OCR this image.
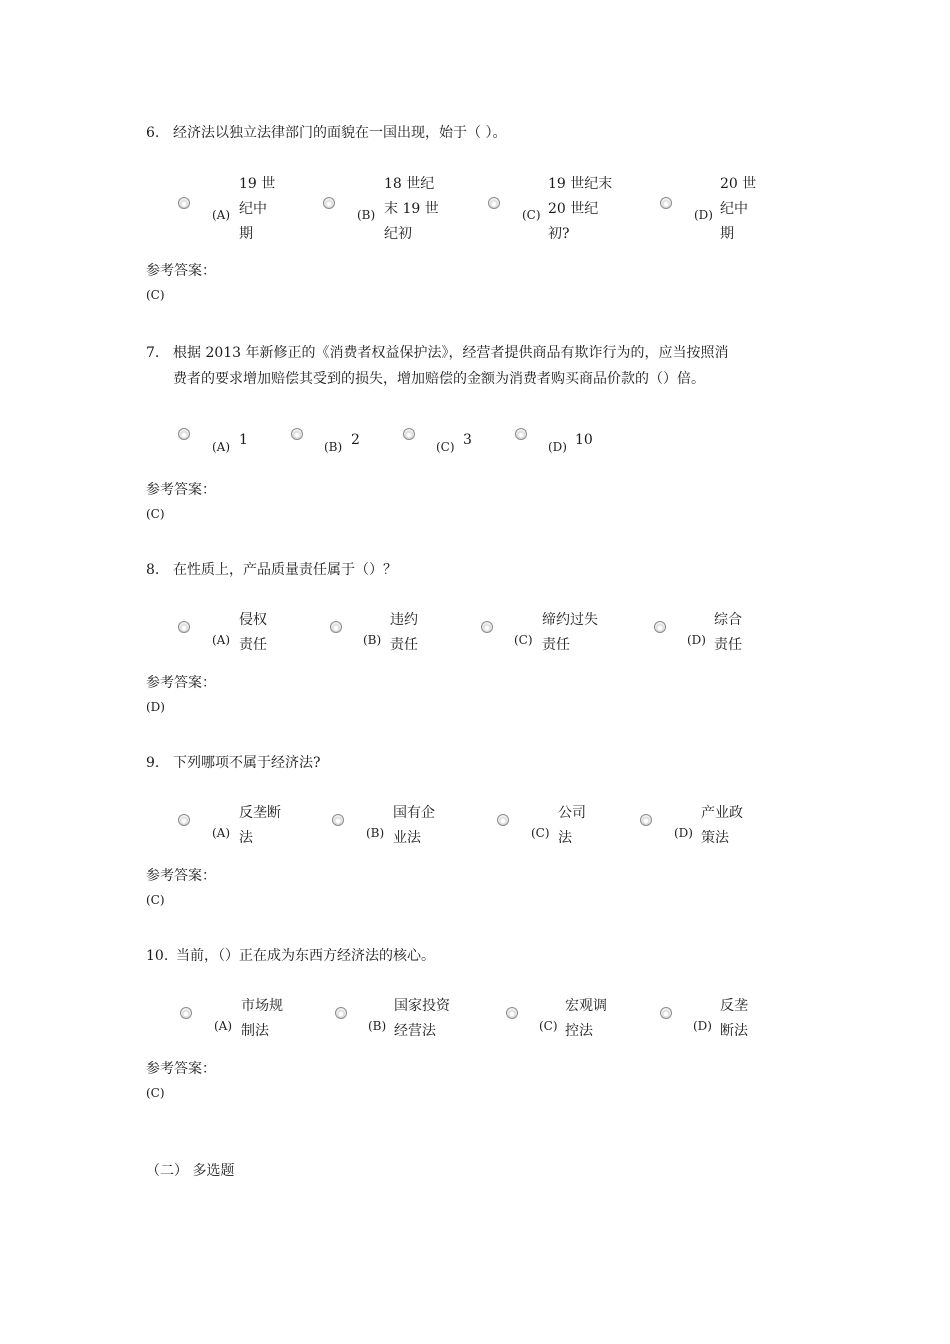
6. 经济法以独立法律部门的面貌在一国出现，始于（ ）。
(A)
19 世
纪中
期
(B)
18 世纪
末 19 世
纪初
(C)
19 世纪末
20 世纪
初?
(D)
20 世
纪中
期
参考答案：
(C)
7. 根据 2013 年新修正的《消费者权益保护法》，经营者提供商品有欺诈行为的，应当按照消
费者的要求增加赔偿其受到的损失，增加赔偿的金额为消费者购买商品价款的（）倍。
(A) 1	(B) 2	(C) 3	(D) 10
参考答案：
(C)
8. 在性质上，产品质量责任属于（）？
(A)
侵权
责任	(B)
违约
责任	(C)
缔约过失
责任	(D)
综合
责任
参考答案：
(D)
9. 下列哪项不属于经济法?
(A)
反垄断
法	(B)
国有企
业法	(C)
公司
法	(D)
产业政
策法
参考答案：
(C)
10. 当前，（）正在成为东西方经济法的核心。
(A)
市场规
制法	(B)
国家投资
经营法	(C)
宏观调
控法	(D)
反垄
断法
参考答案：
(C)
（二） 多选题
